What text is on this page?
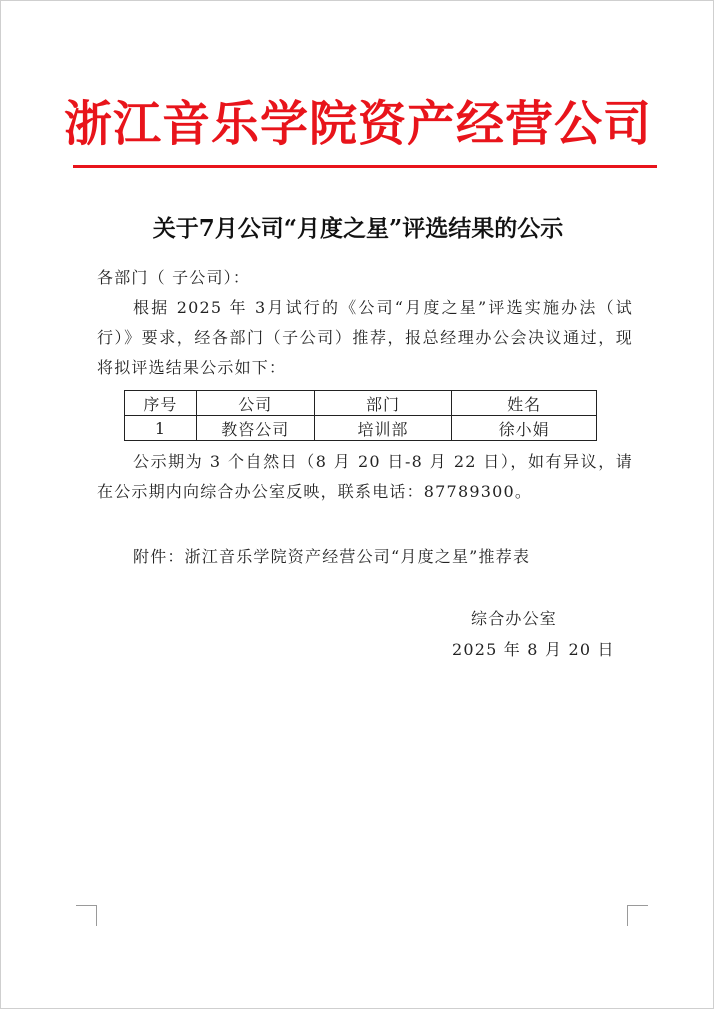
浙江音乐学院资产经营公司
关于7月公司“月度之星”评选结果的公示
各部门（ 子公司）：
根据 2025 年 3月试行的《公司“月度之星”评选实施办法（试行）》要求，经各部门（子公司）推荐，报总经理办公会决议通过，现将拟评选结果公示如下：
序号	公司	部门	姓名
1	教咨公司	培训部	徐小娟
公示期为 3 个自然日（8 月 20 日-8 月 22 日），如有异议，请在公示期内向综合办公室反映，联系电话：87789300。
附件：浙江音乐学院资产经营公司“月度之星”推荐表
综合办公室
2025 年 8 月 20 日
